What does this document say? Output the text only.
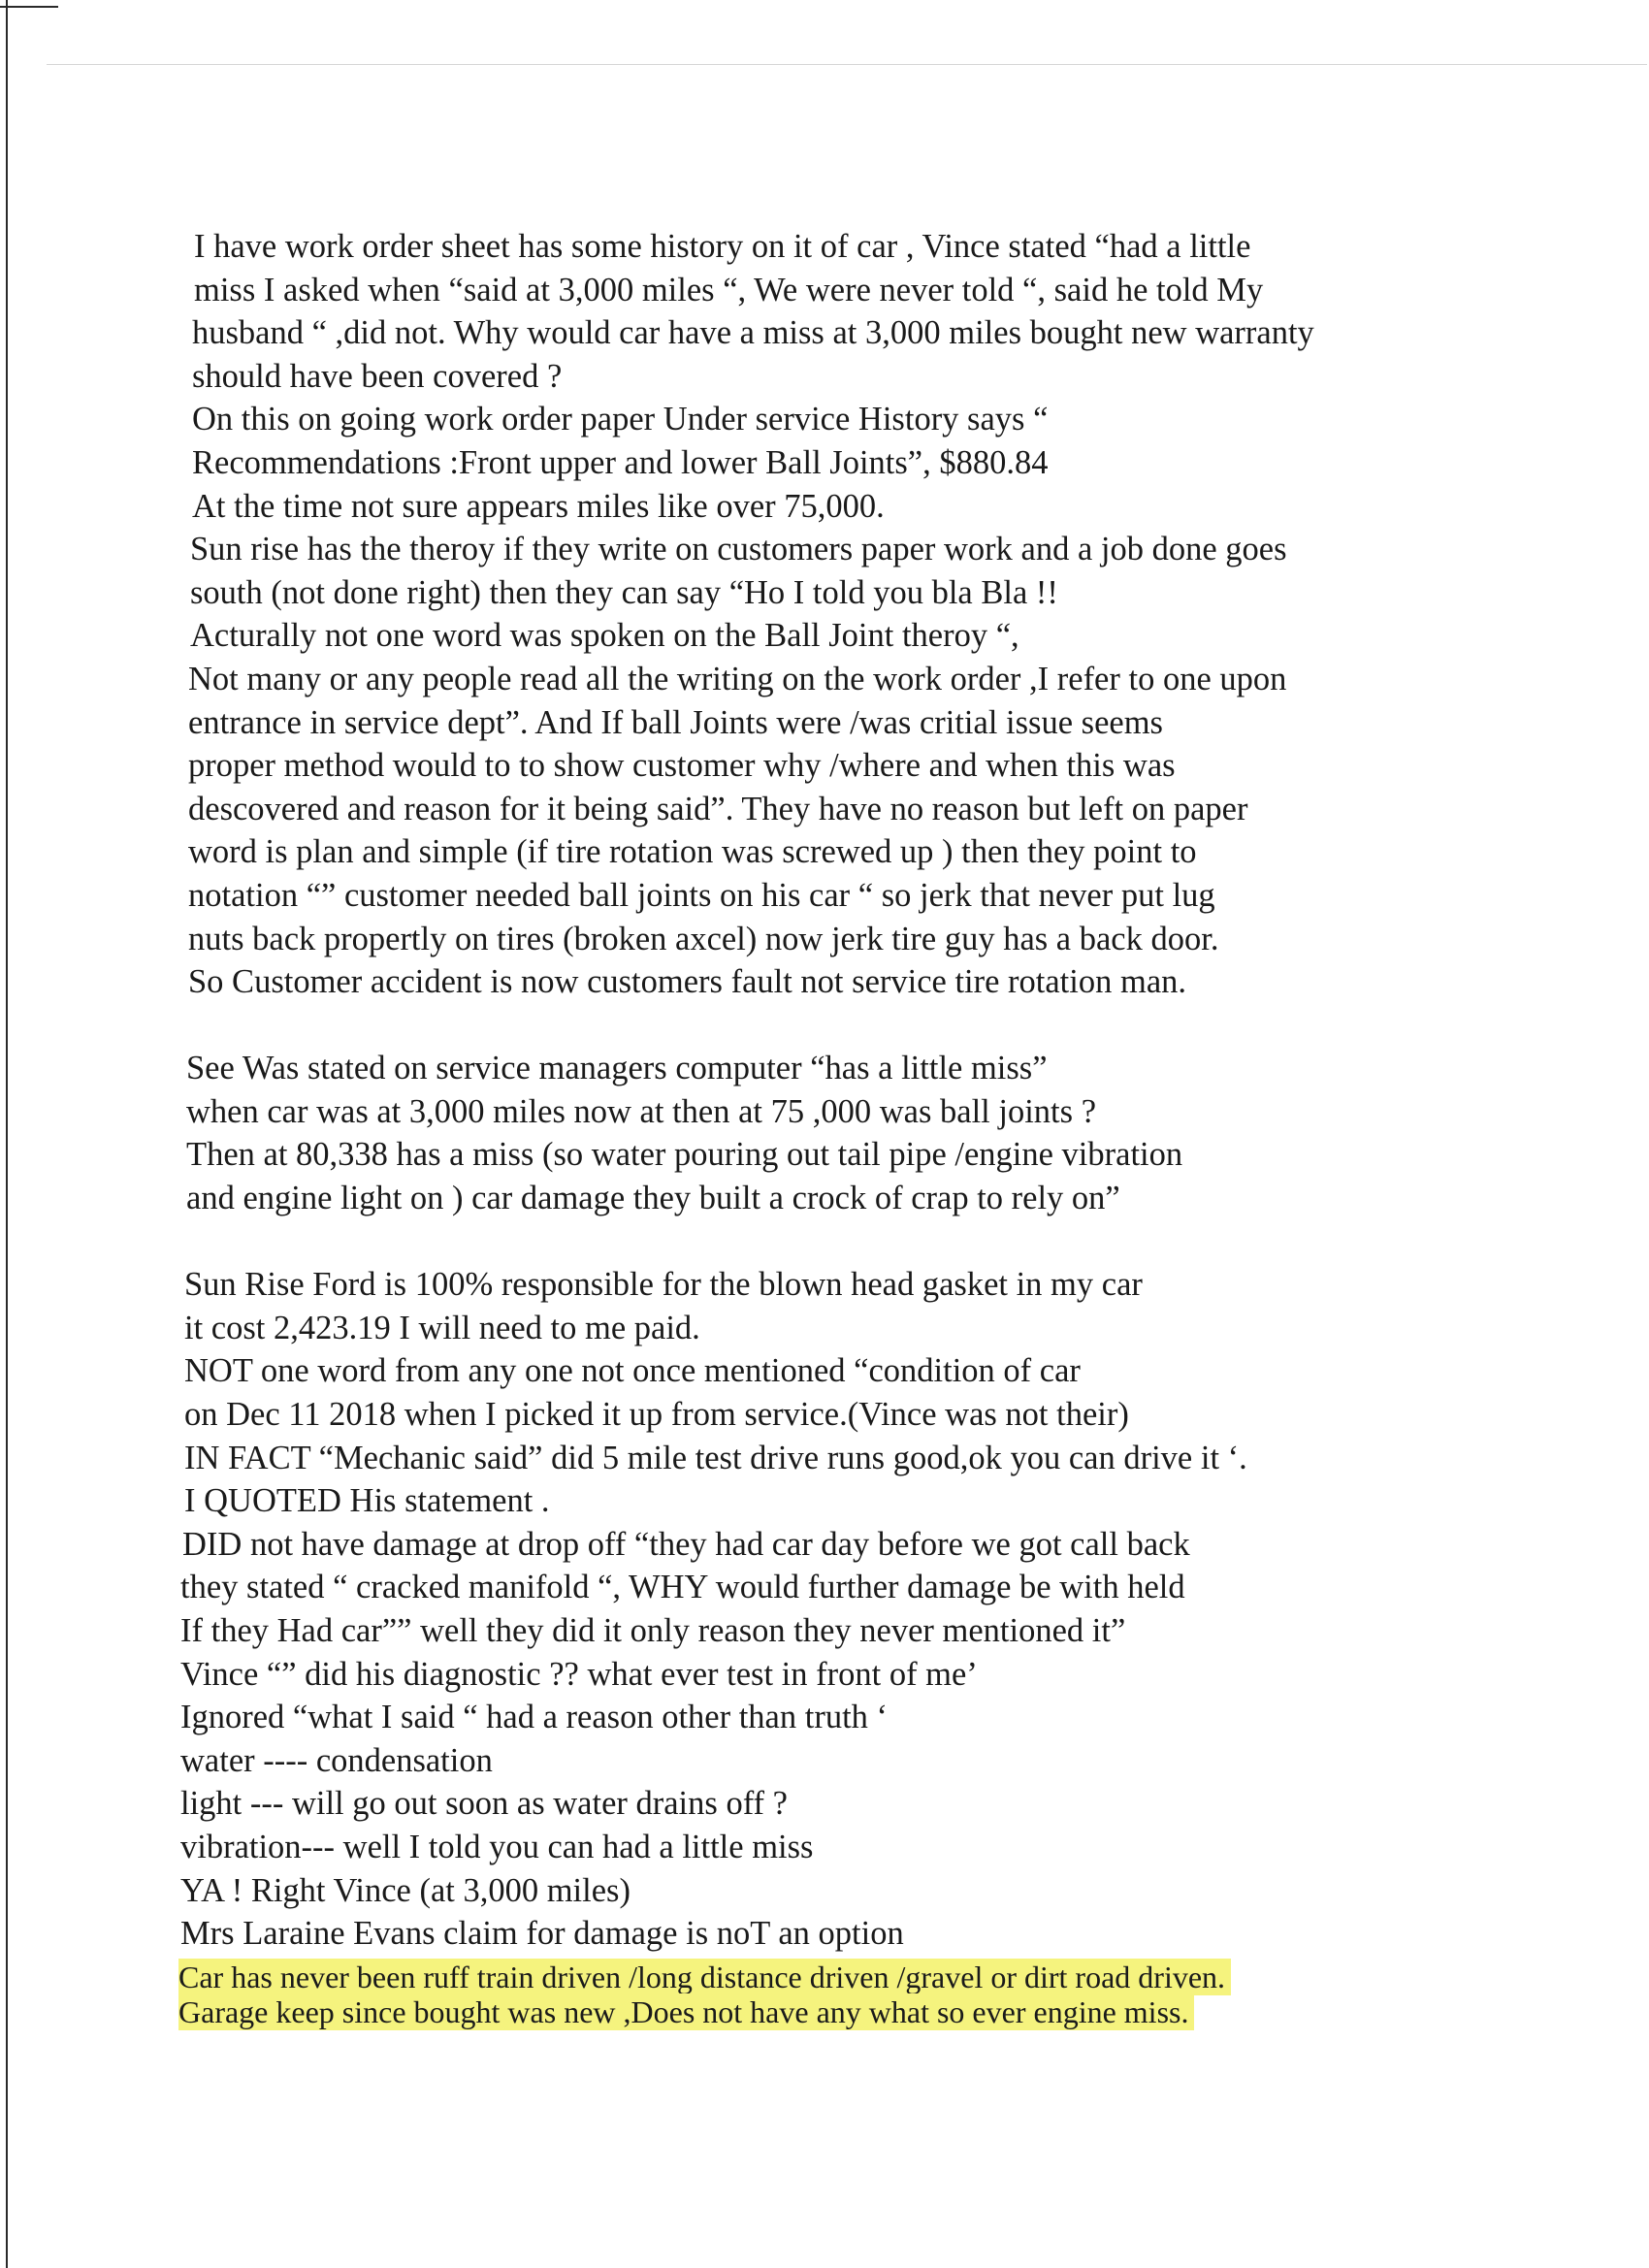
I have work order sheet has some history on it of car , Vince stated “had a little
miss I asked when “said at 3,000 miles “, We were never told “, said he told My
husband “ ,did not. Why would car have a miss at 3,000 miles bought new warranty
should have been covered ?
On this on going work order paper Under service History says “
Recommendations :Front upper and lower Ball Joints”, $880.84
At the time not sure appears miles like over 75,000.
Sun rise has the theroy if they write on customers paper work and a job done goes
south (not done right) then they can say “Ho I told you bla Bla !!
Acturally not one word was spoken on the Ball Joint theroy “,
Not many or any people read all the writing on the work order ,I refer to one upon
entrance in service dept”. And If ball Joints were /was critial issue seems
proper method would to to show customer why /where and when this was
descovered and reason for it being said”. They have no reason but left on paper
word is plan and simple (if tire rotation was screwed up ) then they point to
notation “” customer needed ball joints on his car “ so jerk that never put lug
nuts back propertly on tires (broken axcel) now jerk tire guy has a back door.
So Customer accident is now customers fault not service tire rotation man.
See Was stated on service managers computer “has a little miss”
when car was at 3,000 miles now at then at 75 ,000 was ball joints ?
Then at 80,338 has a miss (so water pouring out tail pipe /engine vibration
and engine light on ) car damage they built a crock of crap to rely on”
Sun Rise Ford is 100% responsible for the blown head gasket in my car
it cost 2,423.19 I will need to me paid.
NOT one word from any one not once mentioned “condition of car
on Dec 11 2018 when I picked it up from service.(Vince was not their)
IN FACT “Mechanic said” did 5 mile test drive runs good,ok you can drive it ‘.
I QUOTED His statement .
DID not have damage at drop off “they had car day before we got call back
they stated “ cracked manifold “, WHY would further damage be with held
If they Had car”” well they did it only reason they never mentioned it”
Vince “” did his diagnostic ?? what ever test in front of me’
Ignored “what I said “ had a reason other than truth ‘
water ---- condensation
light --- will go out soon as water drains off ?
vibration--- well I told you can had a little miss
YA ! Right Vince (at 3,000 miles)
Mrs Laraine Evans claim for damage is noT an option
Car has never been ruff train driven /long distance driven /gravel or dirt road driven.
Garage keep since bought was new ,Does not have any what so ever engine miss.
